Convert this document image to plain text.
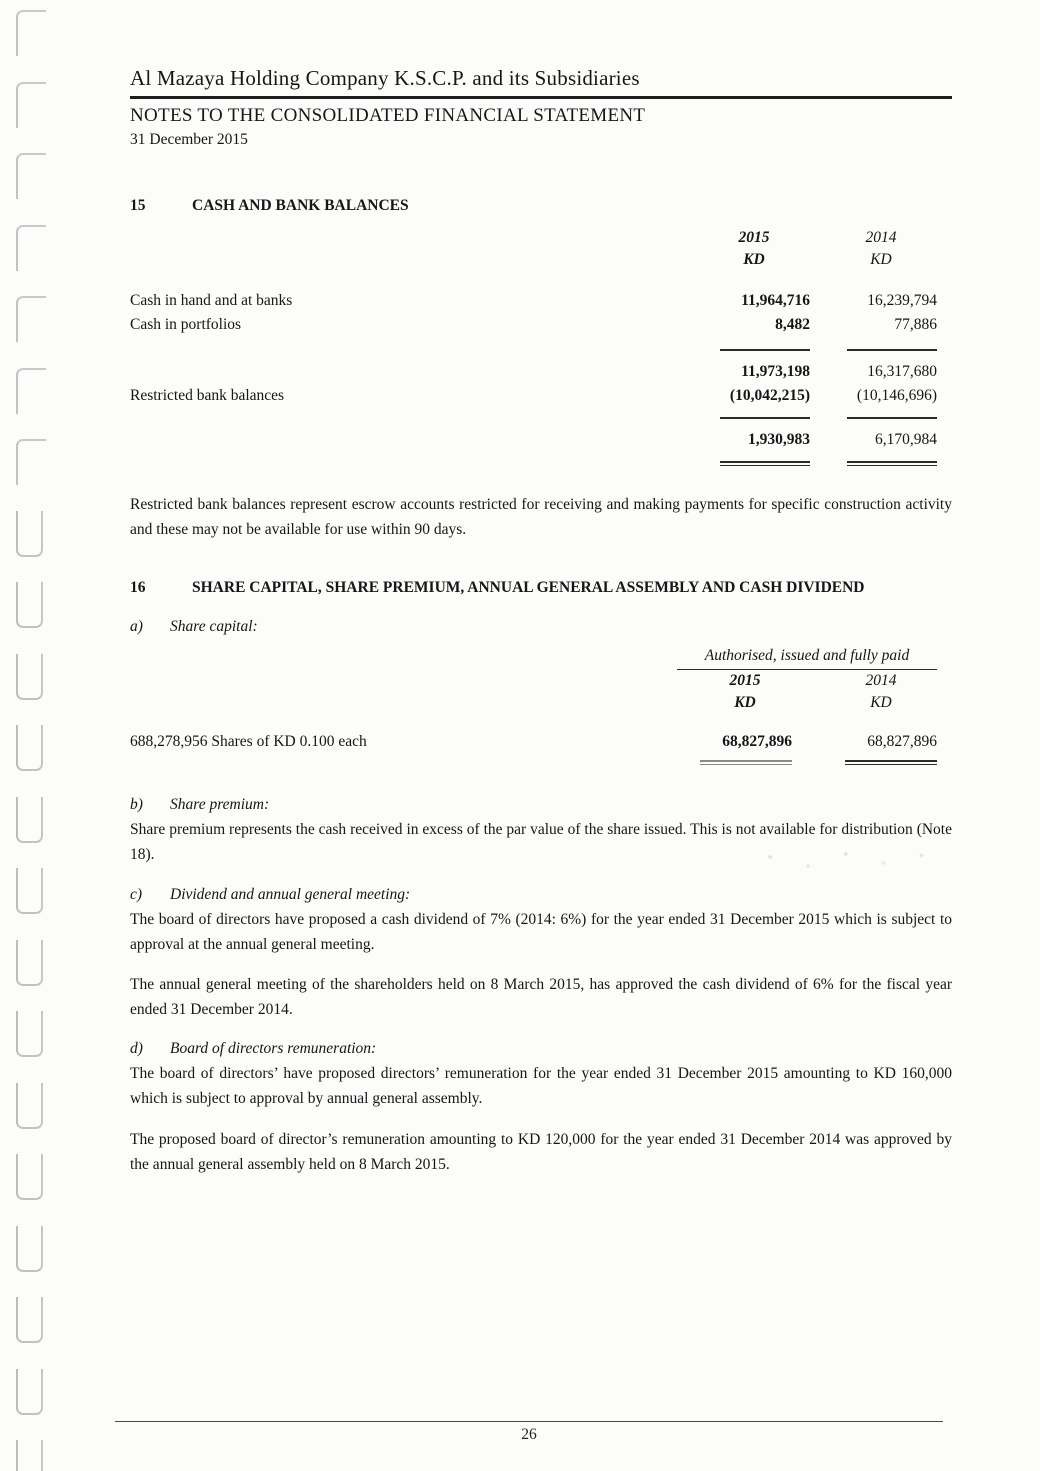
Al Mazaya Holding Company K.S.C.P. and its Subsidiaries
NOTES TO THE CONSOLIDATED FINANCIAL STATEMENT
31 December 2015
15	CASH AND BANK BALANCES
2015
KD
2014
KD
Cash in hand and at banks	11,964,716	16,239,794
Cash in portfolios	8,482	77,886
11,973,198	16,317,680
Restricted bank balances	(10,042,215)	(10,146,696)
1,930,983	6,170,984

Restricted bank balances represent escrow accounts restricted for receiving and making payments for specific construction activity and these may not be available for use within 90 days.

16	SHARE CAPITAL, SHARE PREMIUM, ANNUAL GENERAL ASSEMBLY AND CASH DIVIDEND
a)	Share capital:
Authorised, issued and fully paid
2015
KD
2014
KD
688,278,956 Shares of KD 0.100 each	68,827,896	68,827,896
b)	Share premium:

Share premium represents the cash received in excess of the par value of the share issued. This is not available for distribution (Note 18).

c)	Dividend and annual general meeting:

The board of directors have proposed a cash dividend of 7% (2014: 6%) for the year ended 31 December 2015 which is subject to approval at the annual general meeting.

The annual general meeting of the shareholders held on 8 March 2015, has approved the cash dividend of 6% for the fiscal year ended 31 December 2014.

d)	Board of directors remuneration:

The board of directors’ have proposed directors’ remuneration for the year ended 31 December 2015 amounting to KD 160,000 which is subject to approval by annual general assembly.

The proposed board of director’s remuneration amounting to KD 120,000 for the year ended 31 December 2014 was approved by the annual general assembly held on 8 March 2015.

26
